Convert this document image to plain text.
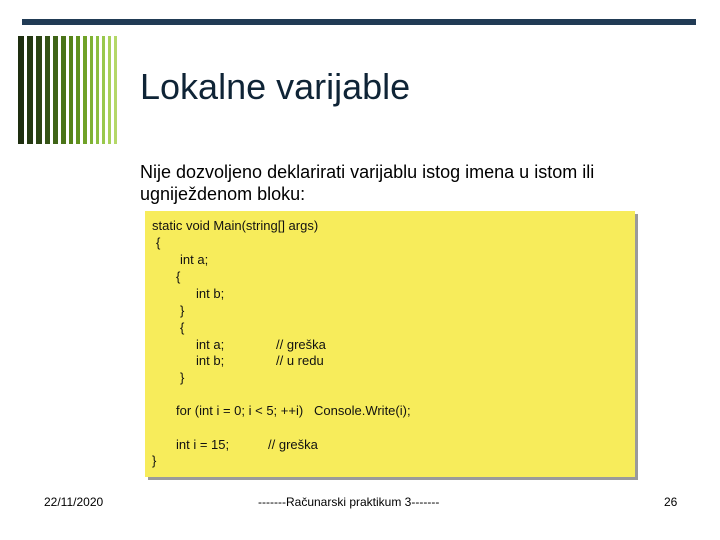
Lokalne varijable
Nije dozvoljeno deklarirati varijablu istog imena u istom ili ugniježdenom bloku:
static void Main(string[] args)
{
int a;
{
int b;
}
{
int a;	// greška
int b;	// u redu
}
for (int i = 0; i < 5; ++i)   Console.Write(i);
int i = 15;	// greška
}
22/11/2020	-------Računarski praktikum 3-------	26
